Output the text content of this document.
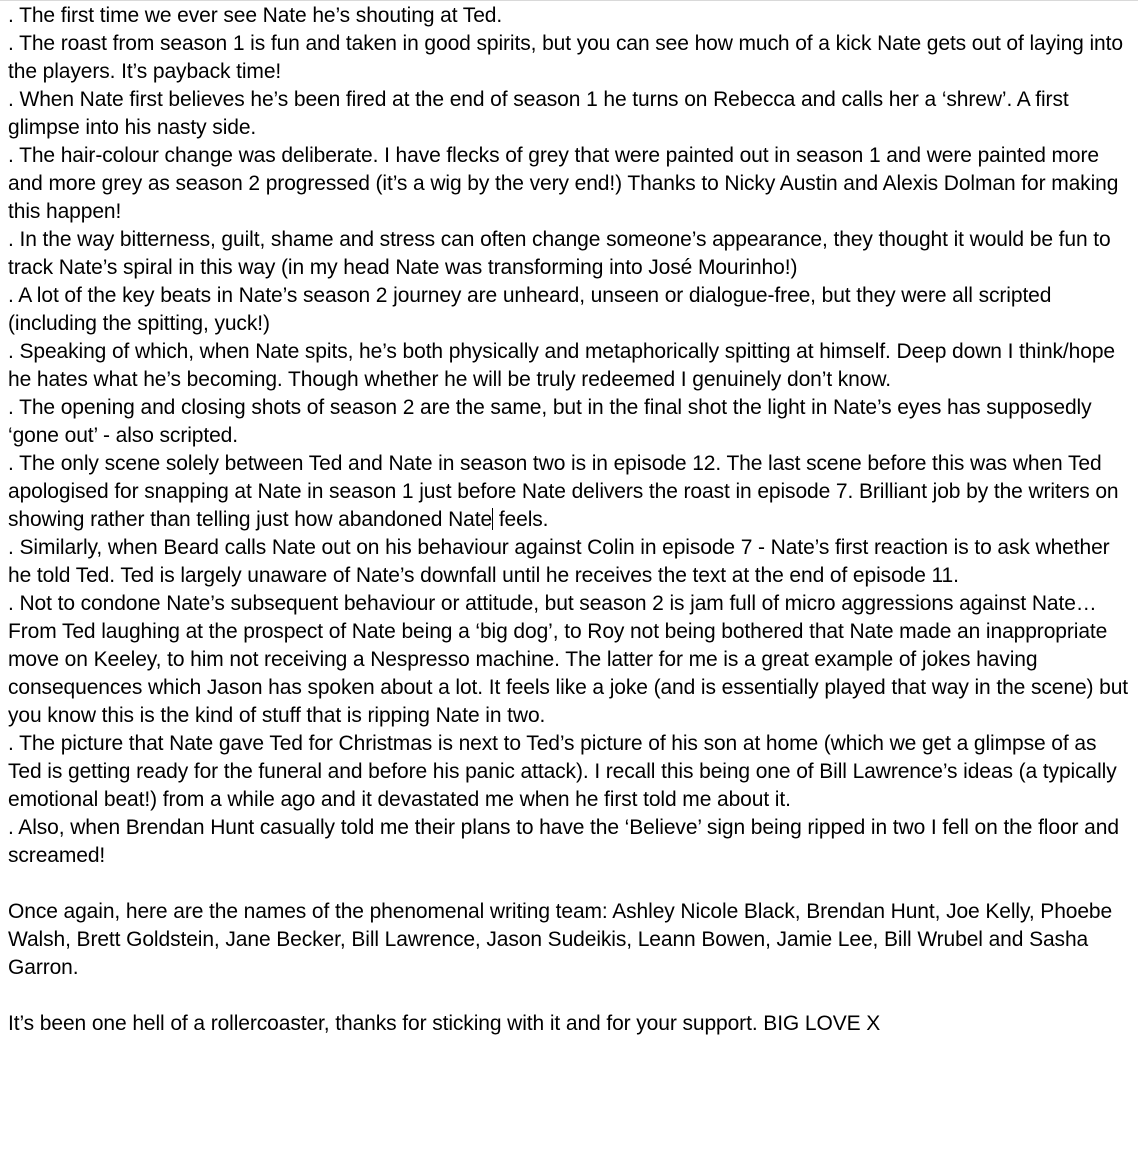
. The first time we ever see Nate he’s shouting at Ted.

. The roast from season 1 is fun and taken in good spirits, but you can see how much of a kick Nate gets out of laying into the players. It’s payback time!

. When Nate first believes he’s been fired at the end of season 1 he turns on Rebecca and calls her a ‘shrew’. A first glimpse into his nasty side.

. The hair-colour change was deliberate. I have flecks of grey that were painted out in season 1 and were painted more and more grey as season 2 progressed (it’s a wig by the very end!) Thanks to Nicky Austin and Alexis Dolman for making this happen!

. In the way bitterness, guilt, shame and stress can often change someone’s appearance, they thought it would be fun to track Nate’s spiral in this way (in my head Nate was transforming into José Mourinho!)

. A lot of the key beats in Nate’s season 2 journey are unheard, unseen or dialogue-free, but they were all scripted (including the spitting, yuck!)

. Speaking of which, when Nate spits, he’s both physically and metaphorically spitting at himself. Deep down I think/hope he hates what he’s becoming. Though whether he will be truly redeemed I genuinely don’t know.

. The opening and closing shots of season 2 are the same, but in the final shot the light in Nate’s eyes has supposedly ‘gone out’ - also scripted.

. The only scene solely between Ted and Nate in season two is in episode 12. The last scene before this was when Ted apologised for snapping at Nate in season 1 just before Nate delivers the roast in episode 7. Brilliant job by the writers on showing rather than telling just how abandoned Nate feels.

. Similarly, when Beard calls Nate out on his behaviour against Colin in episode 7 - Nate’s first reaction is to ask whether he told Ted. Ted is largely unaware of Nate’s downfall until he receives the text at the end of episode 11.

. Not to condone Nate’s subsequent behaviour or attitude, but season 2 is jam full of micro aggressions against Nate… From Ted laughing at the prospect of Nate being a ‘big dog’, to Roy not being bothered that Nate made an inappropriate move on Keeley, to him not receiving a Nespresso machine. The latter for me is a great example of jokes having consequences which Jason has spoken about a lot. It feels like a joke (and is essentially played that way in the scene) but you know this is the kind of stuff that is ripping Nate in two.

. The picture that Nate gave Ted for Christmas is next to Ted’s picture of his son at home (which we get a glimpse of as Ted is getting ready for the funeral and before his panic attack). I recall this being one of Bill Lawrence’s ideas (a typically emotional beat!) from a while ago and it devastated me when he first told me about it.

. Also, when Brendan Hunt casually told me their plans to have the ‘Believe’ sign being ripped in two I fell on the floor and screamed!

Once again, here are the names of the phenomenal writing team: Ashley Nicole Black, Brendan Hunt, Joe Kelly, Phoebe Walsh, Brett Goldstein, Jane Becker, Bill Lawrence, Jason Sudeikis, Leann Bowen, Jamie Lee, Bill Wrubel and Sasha Garron.

It’s been one hell of a rollercoaster, thanks for sticking with it and for your support. BIG LOVE X
